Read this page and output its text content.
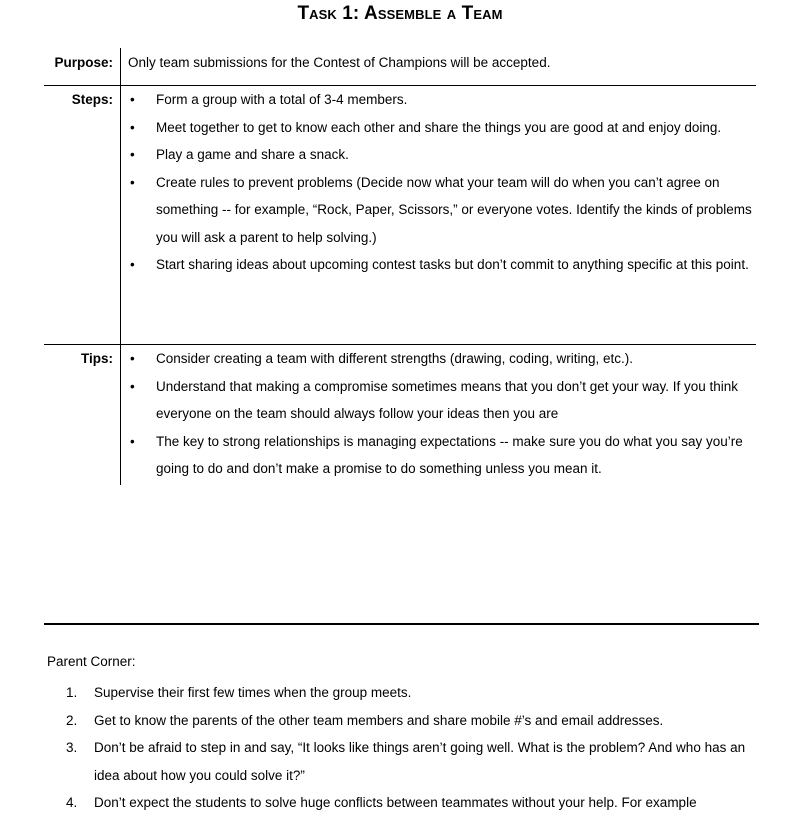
Task 1: Assemble a Team
Purpose: Only team submissions for the Contest of Champions will be accepted.
Steps: •	Form a group with a total of 3-4 members.
•	Meet together to get to know each other and share the things you are good at and enjoy doing.
•	Play a game and share a snack.
•	Create rules to prevent problems (Decide now what your team will do when you can’t agree on something -- for example, “Rock, Paper, Scissors,” or everyone votes. Identify the kinds of problems you will ask a parent to help solving.)
•	Start sharing ideas about upcoming contest tasks but don’t commit to anything specific at this point.
Tips: •	Consider creating a team with different strengths (drawing, coding, writing, etc.).
•	Understand that making a compromise sometimes means that you don’t get your way. If you think everyone on the team should always follow your ideas then you are
•	The key to strong relationships is managing expectations -- make sure you do what you say you’re going to do and don’t make a promise to do something unless you mean it.
Parent Corner:
1. Supervise their first few times when the group meets.
2. Get to know the parents of the other team members and share mobile #’s and email addresses.
3. Don’t be afraid to step in and say, “It looks like things aren’t going well. What is the problem? And who has an idea about how you could solve it?”
4. Don’t expect the students to solve huge conflicts between teammates without your help. For example
